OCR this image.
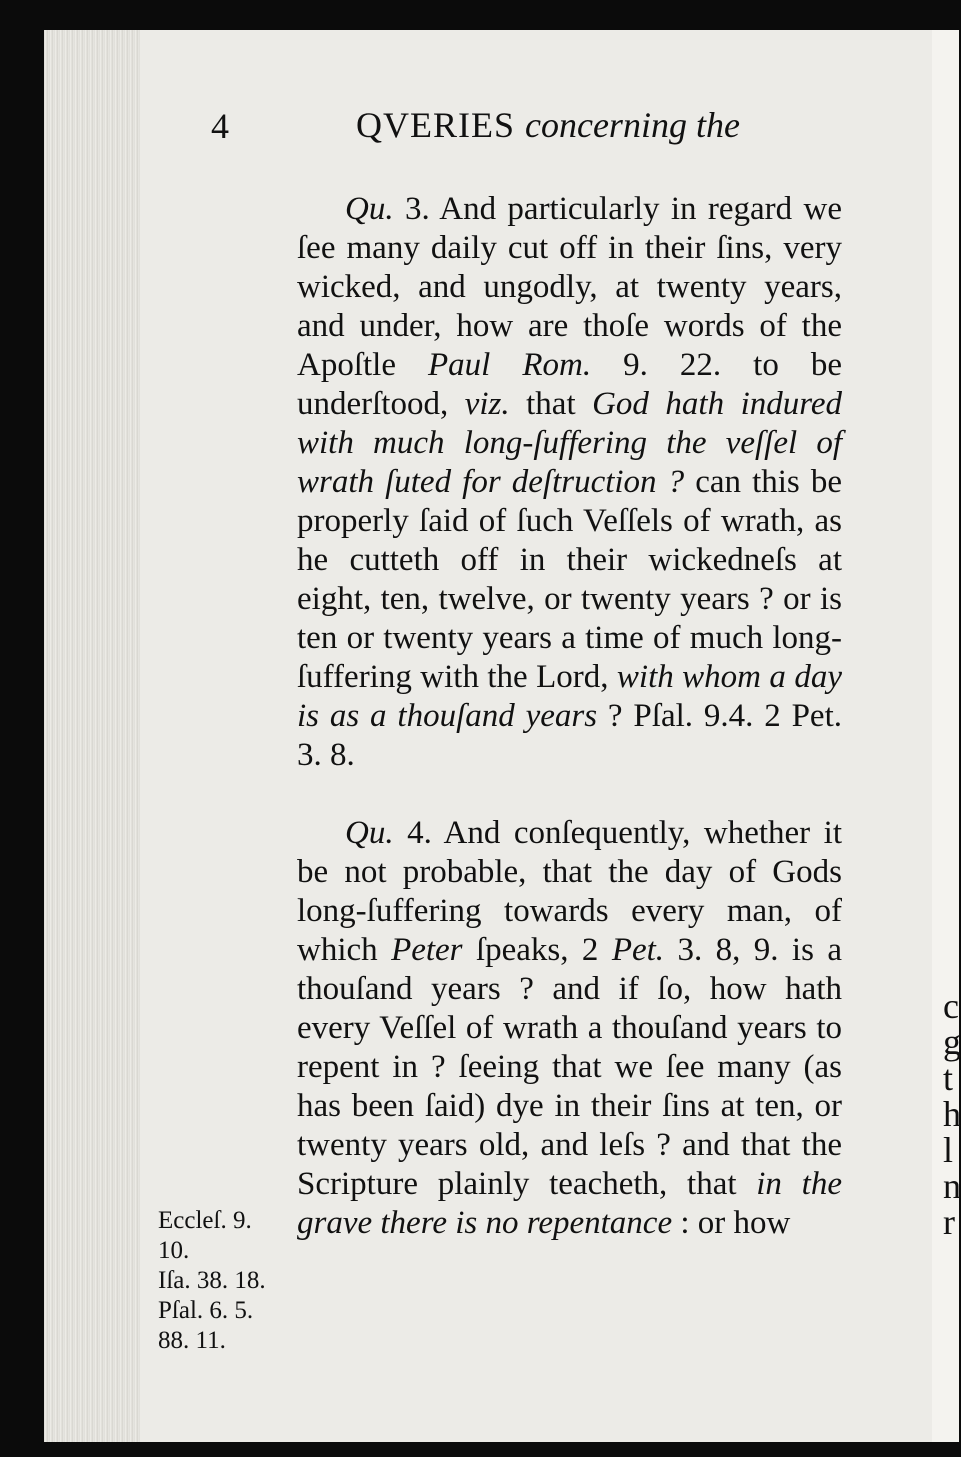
c
g
t
h
l
n
r
4	QVERIES concerning the

Qu. 3. And particularly in regard we ſee many daily cut off in their ſins, very wicked, and ungodly, at twenty years, and under, how are thoſe words of the Apoſtle Paul Rom. 9. 22. to be underſtood, viz. that God hath indured with much long-ſuffering the veſſel of wrath ſuted for deſtruction ? can this be properly ſaid of ſuch Veſſels of wrath, as he cutteth off in their wickedneſs at eight, ten, twelve, or twenty years ? or is ten or twenty years a time of much long-ſuffering with the Lord, with whom a day is as a thouſand years ? Pſal. 9.4. 2 Pet. 3. 8.

Qu. 4. And conſequently, whether it be not probable, that the day of Gods long-ſuffering towards every man, of which Peter ſpeaks, 2 Pet. 3. 8, 9. is a thouſand years ? and if ſo, how hath every Veſſel of wrath a thouſand years to repent in ? ſeeing that we ſee many (as has been ſaid) dye in their ſins at ten, or twenty years old, and leſs ? and that the Scripture plainly teacheth, that in the grave there is no repentance : or how

Eccleſ. 9.
10.
Iſa. 38. 18.
Pſal. 6. 5.
88. 11.
